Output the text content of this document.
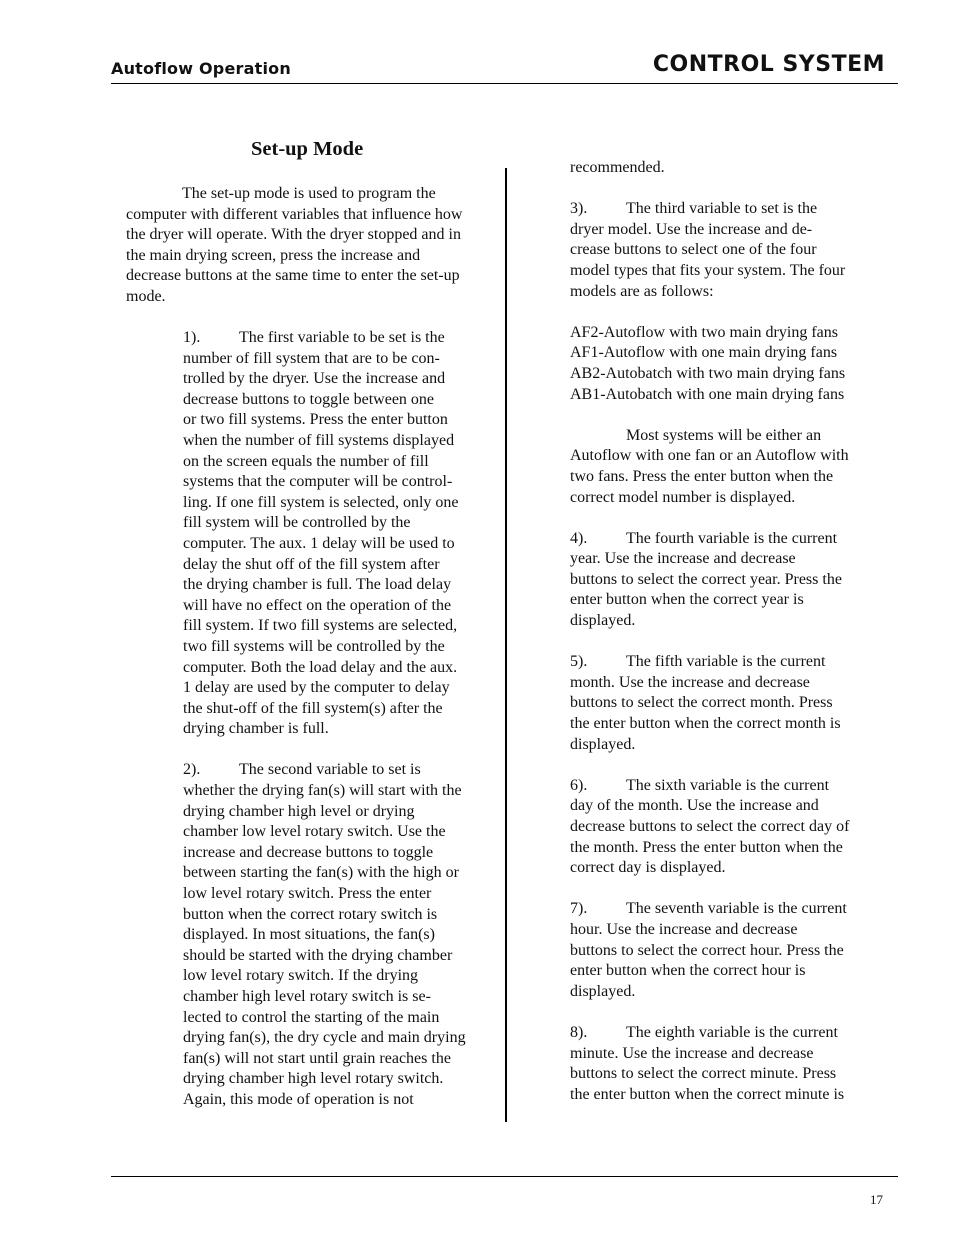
Autoflow Operation	CONTROL SYSTEM
Set-up Mode
The set-up mode is used to program the
computer with different variables that influence how
the dryer will operate. With the dryer stopped and in
the main drying screen, press the increase and
decrease buttons at the same time to enter the set-up
mode.
1). The first variable to be set is the
number of fill system that are to be con-
trolled by the dryer. Use the increase and
decrease buttons to toggle between one
or two fill systems. Press the enter button
when the number of fill systems displayed
on the screen equals the number of fill
systems that the computer will be control-
ling. If one fill system is selected, only one
fill system will be controlled by the
computer. The aux. 1 delay will be used to
delay the shut off of the fill system after
the drying chamber is full. The load delay
will have no effect on the operation of the
fill system. If two fill systems are selected,
two fill systems will be controlled by the
computer. Both the load delay and the aux.
1 delay are used by the computer to delay
the shut-off of the fill system(s) after the
drying chamber is full.
2). The second variable to set is
whether the drying fan(s) will start with the
drying chamber high level or drying
chamber low level rotary switch. Use the
increase and decrease buttons to toggle
between starting the fan(s) with the high or
low level rotary switch. Press the enter
button when the correct rotary switch is
displayed. In most situations, the fan(s)
should be started with the drying chamber
low level rotary switch. If the drying
chamber high level rotary switch is se-
lected to control the starting of the main
drying fan(s), the dry cycle and main drying
fan(s) will not start until grain reaches the
drying chamber high level rotary switch.
Again, this mode of operation is not
recommended.
3). The third variable to set is the
dryer model. Use the increase and de-
crease buttons to select one of the four
model types that fits your system. The four
models are as follows:
AF2-Autoflow with two main drying fans
AF1-Autoflow with one main drying fans
AB2-Autobatch with two main drying fans
AB1-Autobatch with one main drying fans
Most systems will be either an
Autoflow with one fan or an Autoflow with
two fans. Press the enter button when the
correct model number is displayed.
4). The fourth variable is the current
year. Use the increase and decrease
buttons to select the correct year. Press the
enter button when the correct year is
displayed.
5). The fifth variable is the current
month. Use the increase and decrease
buttons to select the correct month. Press
the enter button when the correct month is
displayed.
6). The sixth variable is the current
day of the month. Use the increase and
decrease buttons to select the correct day of
the month. Press the enter button when the
correct day is displayed.
7). The seventh variable is the current
hour. Use the increase and decrease
buttons to select the correct hour. Press the
enter button when the correct hour is
displayed.
8). The eighth variable is the current
minute. Use the increase and decrease
buttons to select the correct minute. Press
the enter button when the correct minute is
17
